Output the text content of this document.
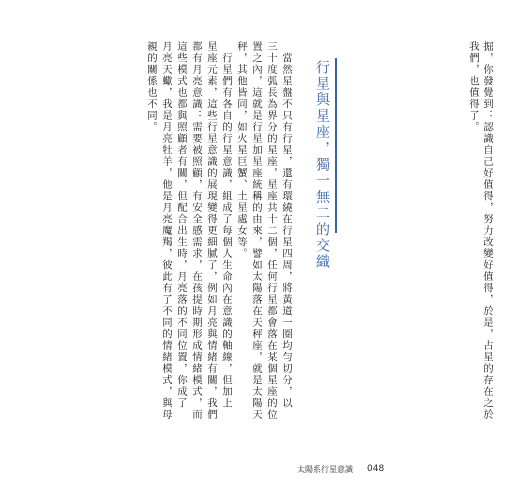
掘，你發覺到：認識自己好值得，努力改變好值得，於是，占星的存在之於
我們，也值得了。
行星與星座，獨一無二的交織
　當然星盤不只有行星，還有環繞在行星四周，將黃道一圈均勻切分，以
三十度弧長為界分的星座，星座共十二個，任何行星都會落在某個星座的位
置之內，這就是行星加星座統稱的由來，譬如太陽落在天秤座，就是太陽天
秤，其他皆同，如火星巨蟹、土星處女等。
　行星們有各自的行星意識，組成了每個人生命內在意識的軸線，但加上
星座元素，這些行星意識的展現變得更細膩了，例如月亮與情緒有關，我們
都有月亮意識：需要被照顧，有安全感需求，在孩提時期形成情緒模式，而
這些模式也都與照顧者有關，但配合出生時，月亮落的不同位置，你成了
月亮天蠍，我是月亮牡羊，他是月亮魔羯，彼此有了不同的情緒模式，與母
親的關係也不同。
太陽系行星意識 048
